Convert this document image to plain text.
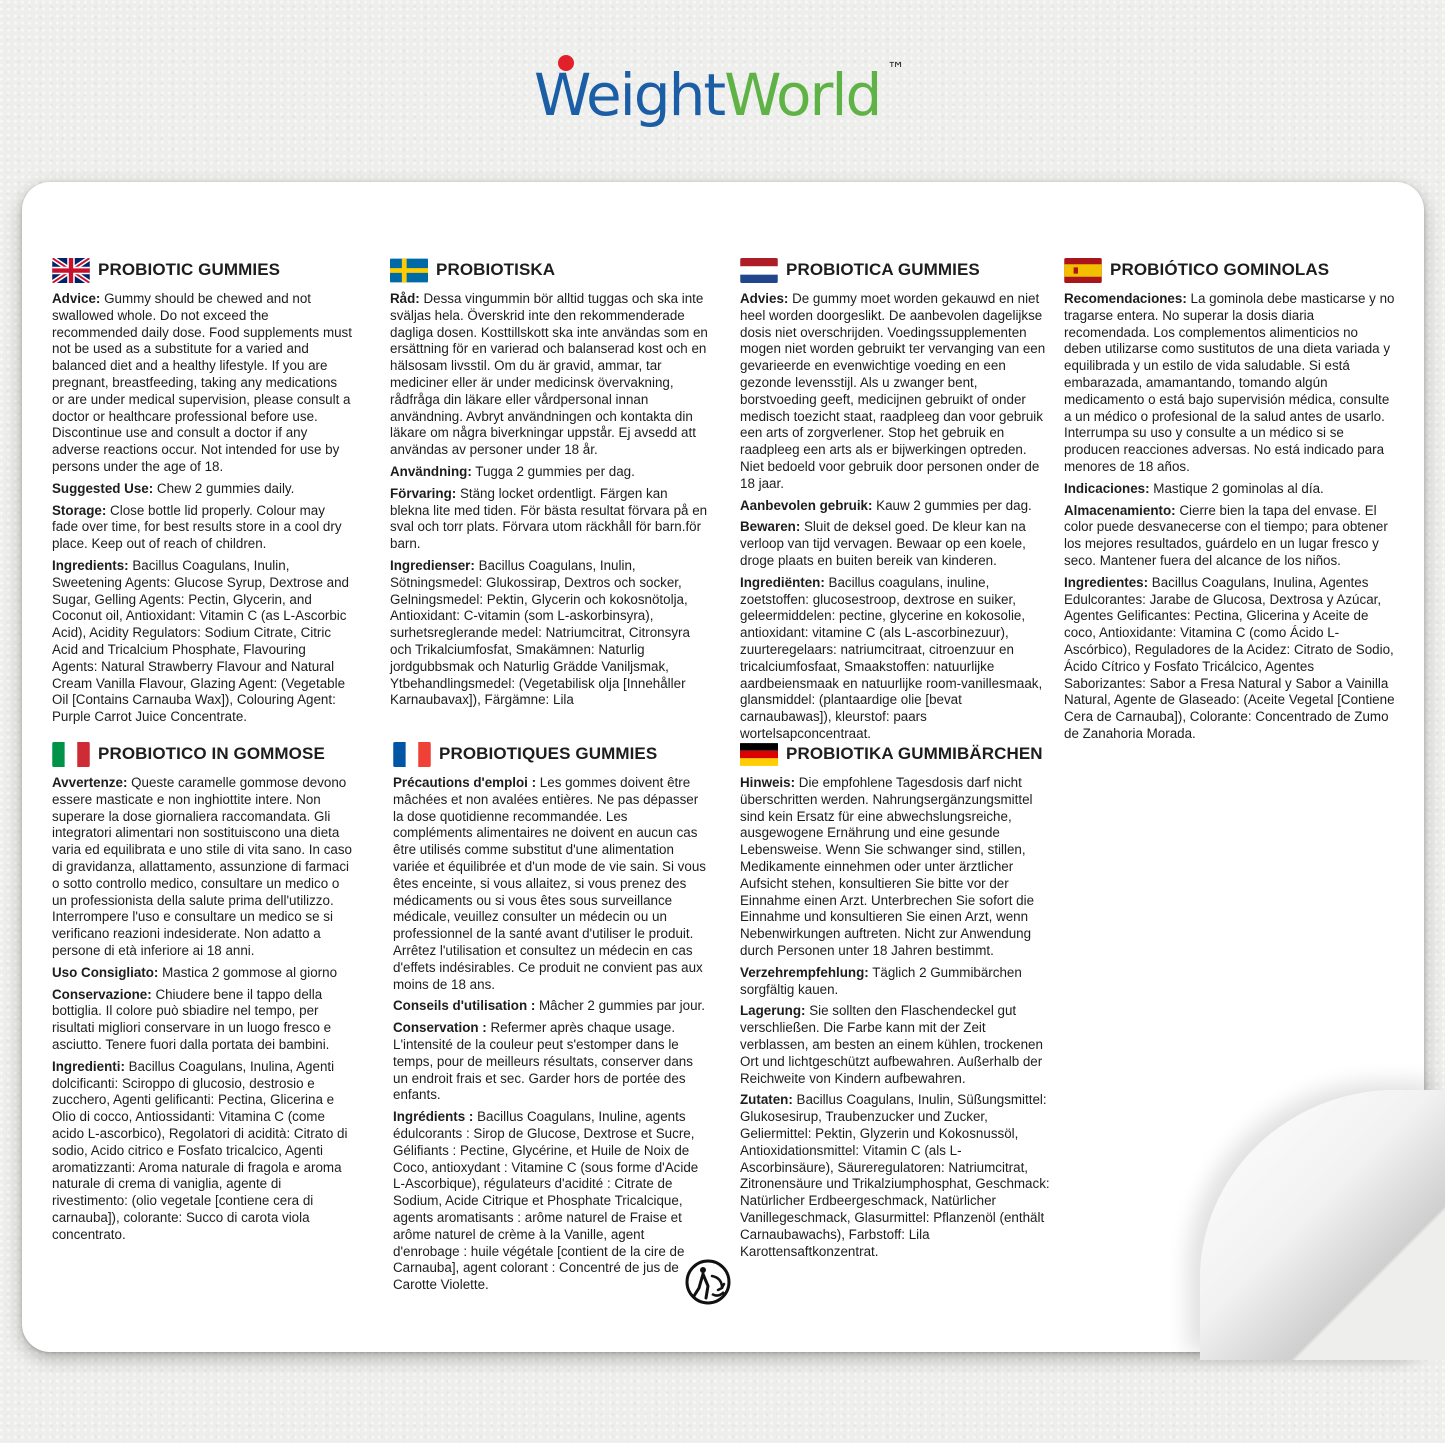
WeightWorld ™
PROBIOTIC GUMMIES

Advice: Gummy should be chewed and not swallowed whole. Do not exceed the recommended daily dose. Food supplements must not be used as a substitute for a varied and balanced diet and a healthy lifestyle. If you are pregnant, breastfeeding, taking any medications or are under medical supervision, please consult a doctor or healthcare professional before use. Discontinue use and consult a doctor if any adverse reactions occur. Not intended for use by persons under the age of 18.

Suggested Use: Chew 2 gummies daily.

Storage: Close bottle lid properly. Colour may fade over time, for best results store in a cool dry place. Keep out of reach of children.

Ingredients: Bacillus Coagulans, Inulin, Sweetening Agents: Glucose Syrup, Dextrose and Sugar, Gelling Agents: Pectin, Glycerin, and Coconut oil, Antioxidant: Vitamin C (as L-Ascorbic Acid), Acidity Regulators: Sodium Citrate, Citric Acid and Tricalcium Phosphate, Flavouring Agents: Natural Strawberry Flavour and Natural Cream Vanilla Flavour, Glazing Agent: (Vegetable Oil [Contains Carnauba Wax]), Colouring Agent: Purple Carrot Juice Concentrate.

PROBIOTISKA

Råd: Dessa vingummin bör alltid tuggas och ska inte sväljas hela. Överskrid inte den rekommenderade dagliga dosen. Kosttillskott ska inte användas som en ersättning för en varierad och balanserad kost och en hälsosam livsstil. Om du är gravid, ammar, tar mediciner eller är under medicinsk övervakning, rådfråga din läkare eller vårdpersonal innan användning. Avbryt användningen och kontakta din läkare om några biverkningar uppstår. Ej avsedd att användas av personer under 18 år.

Användning: Tugga 2 gummies per dag.

Förvaring: Stäng locket ordentligt. Färgen kan blekna lite med tiden. För bästa resultat förvara på en sval och torr plats. Förvara utom räckhåll för barn.för barn.

Ingredienser: Bacillus Coagulans, Inulin, Sötningsmedel: Glukossirap, Dextros och socker, Gelningsmedel: Pektin, Glycerin och kokosnötolja, Antioxidant: C-vitamin (som L-askorbinsyra), surhetsreglerande medel: Natriumcitrat, Citronsyra och Trikalciumfosfat, Smakämnen: Naturlig jordgubbsmak och Naturlig Grädde Vaniljsmak, Ytbehandlingsmedel: (Vegetabilisk olja [Innehåller Karnaubavax]), Färgämne: Lila

PROBIOTICA GUMMIES

Advies: De gummy moet worden gekauwd en niet heel worden doorgeslikt. De aanbevolen dagelijkse dosis niet overschrijden. Voedingssupplementen mogen niet worden gebruikt ter vervanging van een gevarieerde en evenwichtige voeding en een gezonde levensstijl. Als u zwanger bent, borstvoeding geeft, medicijnen gebruikt of onder medisch toezicht staat, raadpleeg dan voor gebruik een arts of zorgverlener. Stop het gebruik en raadpleeg een arts als er bijwerkingen optreden. Niet bedoeld voor gebruik door personen onder de 18 jaar.

Aanbevolen gebruik: Kauw 2 gummies per dag.

Bewaren: Sluit de deksel goed. De kleur kan na verloop van tijd vervagen. Bewaar op een koele, droge plaats en buiten bereik van kinderen.

Ingrediënten: Bacillus coagulans, inuline, zoetstoffen: glucosestroop, dextrose en suiker, geleermiddelen: pectine, glycerine en kokosolie, antioxidant: vitamine C (als L-ascorbinezuur), zuurteregelaars: natriumcitraat, citroenzuur en tricalciumfosfaat, Smaakstoffen: natuurlijke aardbeiensmaak en natuurlijke room-vanillesmaak, glansmiddel: (plantaardige olie [bevat carnaubawas]), kleurstof: paars wortelsapconcentraat.

PROBIÓTICO GOMINOLAS

Recomendaciones: La gominola debe masticarse y no tragarse entera. No superar la dosis diaria recomendada. Los complementos alimenticios no deben utilizarse como sustitutos de una dieta variada y equilibrada y un estilo de vida saludable. Si está embarazada, amamantando, tomando algún medicamento o está bajo supervisión médica, consulte a un médico o profesional de la salud antes de usarlo. Interrumpa su uso y consulte a un médico si se producen reacciones adversas. No está indicado para menores de 18 años.

Indicaciones: Mastique 2 gominolas al día.

Almacenamiento: Cierre bien la tapa del envase. El color puede desvanecerse con el tiempo; para obtener los mejores resultados, guárdelo en un lugar fresco y seco. Mantener fuera del alcance de los niños.

Ingredientes: Bacillus Coagulans, Inulina, Agentes Edulcorantes: Jarabe de Glucosa, Dextrosa y Azúcar, Agentes Gelificantes: Pectina, Glicerina y Aceite de coco, Antioxidante: Vitamina C (como Ácido L-Ascórbico), Reguladores de la Acidez: Citrato de Sodio, Ácido Cítrico y Fosfato Tricálcico, Agentes Saborizantes: Sabor a Fresa Natural y Sabor a Vainilla Natural, Agente de Glaseado: (Aceite Vegetal [Contiene Cera de Carnauba]), Colorante: Concentrado de Zumo de Zanahoria Morada.

PROBIOTICO IN GOMMOSE

Avvertenze: Queste caramelle gommose devono essere masticate e non inghiottite intere. Non superare la dose giornaliera raccomandata. Gli integratori alimentari non sostituiscono una dieta varia ed equilibrata e uno stile di vita sano. In caso di gravidanza, allattamento, assunzione di farmaci o sotto controllo medico, consultare un medico o un professionista della salute prima dell'utilizzo. Interrompere l'uso e consultare un medico se si verificano reazioni indesiderate. Non adatto a persone di età inferiore ai 18 anni.

Uso Consigliato: Mastica 2 gommose al giorno

Conservazione: Chiudere bene il tappo della bottiglia. Il colore può sbiadire nel tempo, per risultati migliori conservare in un luogo fresco e asciutto. Tenere fuori dalla portata dei bambini.

Ingredienti: Bacillus Coagulans, Inulina, Agenti dolcificanti: Sciroppo di glucosio, destrosio e zucchero, Agenti gelificanti: Pectina, Glicerina e Olio di cocco, Antiossidanti: Vitamina C (come acido L-ascorbico), Regolatori di acidità: Citrato di sodio, Acido citrico e Fosfato tricalcico, Agenti aromatizzanti: Aroma naturale di fragola e aroma naturale di crema di vaniglia, agente di rivestimento: (olio vegetale [contiene cera di carnauba]), colorante: Succo di carota viola concentrato.

PROBIOTIQUES GUMMIES

Précautions d'emploi : Les gommes doivent être mâchées et non avalées entières. Ne pas dépasser la dose quotidienne recommandée. Les compléments alimentaires ne doivent en aucun cas être utilisés comme substitut d'une alimentation variée et équilibrée et d'un mode de vie sain. Si vous êtes enceinte, si vous allaitez, si vous prenez des médicaments ou si vous êtes sous surveillance médicale, veuillez consulter un médecin ou un professionnel de la santé avant d'utiliser le produit. Arrêtez l'utilisation et consultez un médecin en cas d'effets indésirables. Ce produit ne convient pas aux moins de 18 ans.

Conseils d'utilisation : Mâcher 2 gummies par jour.

Conservation : Refermer après chaque usage. L'intensité de la couleur peut s'estomper dans le temps, pour de meilleurs résultats, conserver dans un endroit frais et sec. Garder hors de portée des enfants.

Ingrédients : Bacillus Coagulans, Inuline, agents édulcorants : Sirop de Glucose, Dextrose et Sucre, Gélifiants : Pectine, Glycérine, et Huile de Noix de Coco, antioxydant : Vitamine C (sous forme d'Acide L-Ascorbique), régulateurs d'acidité : Citrate de Sodium, Acide Citrique et Phosphate Tricalcique, agents aromatisants : arôme naturel de Fraise et arôme naturel de crème à la Vanille, agent d'enrobage : huile végétale [contient de la cire de Carnauba], agent colorant : Concentré de jus de Carotte Violette.

PROBIOTIKA GUMMIBÄRCHEN

Hinweis: Die empfohlene Tagesdosis darf nicht überschritten werden. Nahrungsergänzungsmittel sind kein Ersatz für eine abwechslungsreiche, ausgewogene Ernährung und eine gesunde Lebensweise. Wenn Sie schwanger sind, stillen, Medikamente einnehmen oder unter ärztlicher Aufsicht stehen, konsultieren Sie bitte vor der Einnahme einen Arzt. Unterbrechen Sie sofort die Einnahme und konsultieren Sie einen Arzt, wenn Nebenwirkungen auftreten. Nicht zur Anwendung durch Personen unter 18 Jahren bestimmt.

Verzehrempfehlung: Täglich 2 Gummibärchen sorgfältig kauen.

Lagerung: Sie sollten den Flaschendeckel gut verschließen. Die Farbe kann mit der Zeit verblassen, am besten an einem kühlen, trockenen Ort und lichtgeschützt aufbewahren. Außerhalb der Reichweite von Kindern aufbewahren.

Zutaten: Bacillus Coagulans, Inulin, Süßungsmittel: Glukosesirup, Traubenzucker und Zucker, Geliermittel: Pektin, Glyzerin und Kokosnussöl, Antioxidationsmittel: Vitamin C (als L-Ascorbinsäure), Säureregulatoren: Natriumcitrat, Zitronensäure und Trikalziumphosphat, Geschmack: Natürlicher Erdbeergeschmack, Natürlicher Vanillegeschmack, Glasurmittel: Pflanzenöl (enthält Carnaubawachs), Farbstoff: Lila Karottensaftkonzentrat.
